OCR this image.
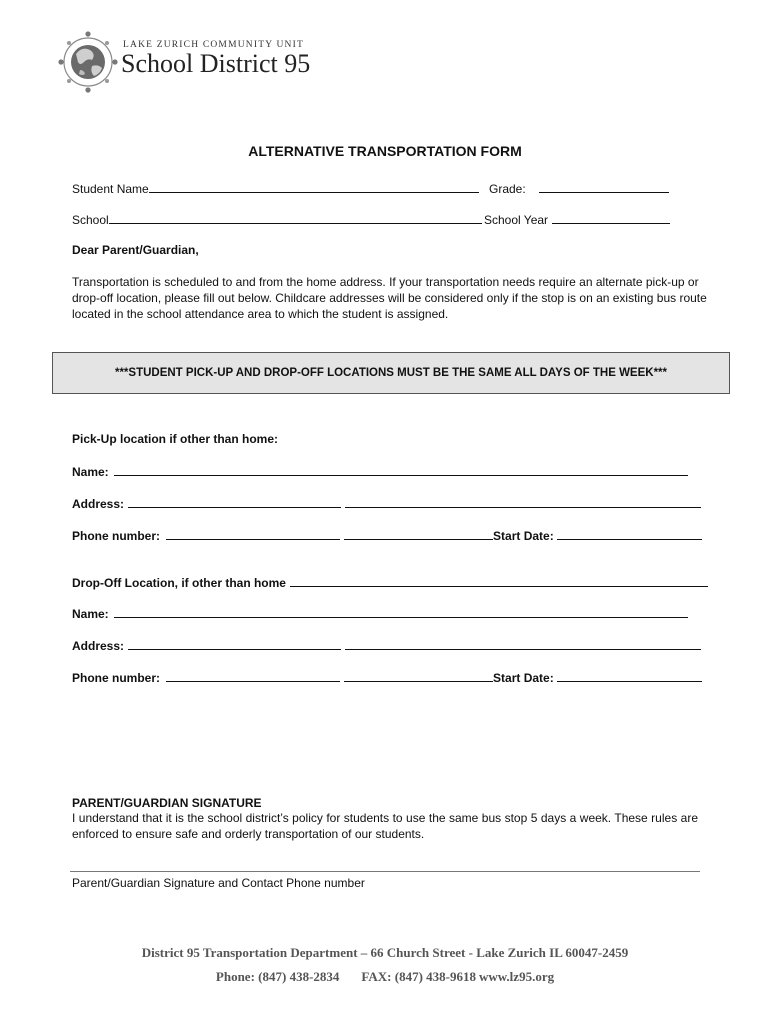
LAKE ZURICH COMMUNITY UNIT
School District 95
ALTERNATIVE TRANSPORTATION FORM
Student Name	Grade:
School	School Year
Dear Parent/Guardian,
Transportation is scheduled to and from the home address. If your transportation needs require an alternate pick-up or drop-off location, please fill out below. Childcare addresses will be considered only if the stop is on an existing bus route located in the school attendance area to which the student is assigned.
***STUDENT PICK-UP AND DROP-OFF LOCATIONS MUST BE THE SAME ALL DAYS OF THE WEEK***
Pick-Up location if other than home:
Name:
Address:
Phone number:	Start Date:
Drop-Off Location, if other than home
Name:
Address:
Phone number:	Start Date:
PARENT/GUARDIAN SIGNATURE
I understand that it is the school district’s policy for students to use the same bus stop 5 days a week. These rules are enforced to ensure safe and orderly transportation of our students.
Parent/Guardian Signature and Contact Phone number
District 95 Transportation Department – 66 Church Street - Lake Zurich IL 60047-2459
Phone: (847) 438-2834 FAX: (847) 438-9618 www.lz95.org
